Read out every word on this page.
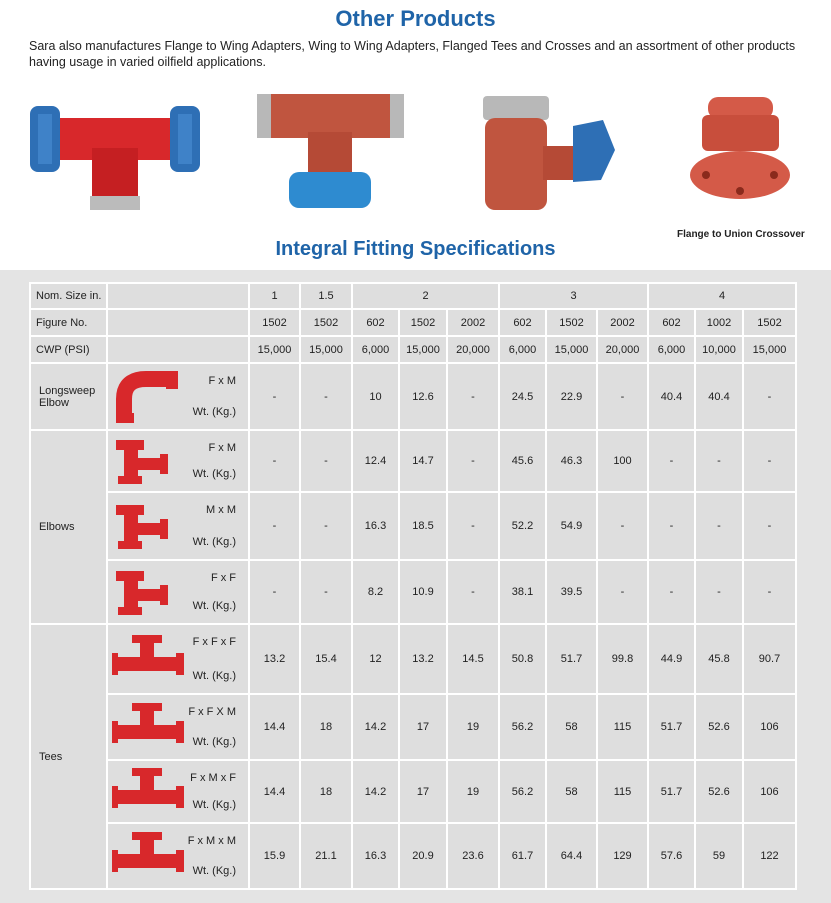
Other Products
Sara also manufactures Flange to Wing Adapters, Wing to Wing Adapters, Flanged Tees and Crosses and an assortment of other products having usage in varied oilfield applications.
Flange to Union Crossover
Integral Fitting Specifications
Nom. Size in.		1	1.5	2			3			4		
Figure No.		1502	1502	602	1502	2002	602	1502	2002	602	1002	1502
CWP (PSI)		15,000	15,000	6,000	15,000	20,000	6,000	15,000	20,000	6,000	10,000	15,000
Longsweep Elbow	F x M
Wt. (Kg.)	-	-	10	12.6	-	24.5	22.9	-	40.4	40.4	-
Elbows	F x M
Wt. (Kg.)	-	-	12.4	14.7	-	45.6	46.3	100	-	-	-

	M x M
Wt. (Kg.)	-	-	16.3	18.5	-	52.2	54.9	-	-	-	-

	F x F
Wt. (Kg.)	-	-	8.2	10.9	-	38.1	39.5	-	-	-	-
Tees	F x F x F
Wt. (Kg.)	13.2	15.4	12	13.2	14.5	50.8	51.7	99.8	44.9	45.8	90.7

	F x F X M
Wt. (Kg.)	14.4	18	14.2	17	19	56.2	58	115	51.7	52.6	106

	F x M x F
Wt. (Kg.)	14.4	18	14.2	17	19	56.2	58	115	51.7	52.6	106

	F x M x M
Wt. (Kg.)	15.9	21.1	16.3	20.9	23.6	61.7	64.4	129	57.6	59	122
